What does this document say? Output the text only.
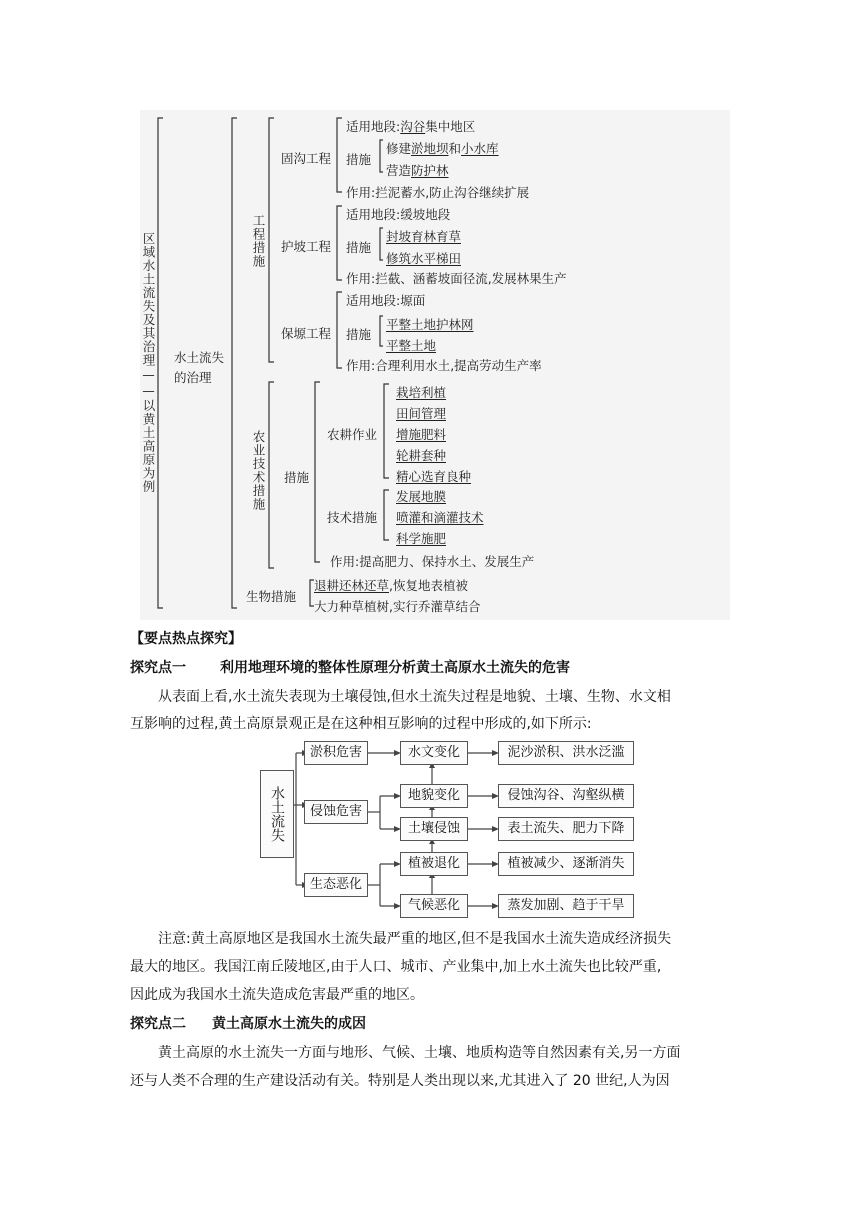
区域水土流失及其治理——以黄土高原为例 水土流失的治理
工程措施
固沟工程
适用地段:沟谷集中地区
措施
修建淤地坝和小水库
营造防护林
作用:拦泥蓄水,防止沟谷继续扩展
护坡工程
适用地段:缓坡地段
措施
封坡育林育草
修筑水平梯田
作用:拦截、涵蓄坡面径流,发展林果生产
保塬工程
适用地段:塬面
措施
平整土地护林网
平整土地
作用:合理利用水土,提高劳动生产率
农业技术措施 措施
农耕作业
栽培利植
田间管理
增施肥料
轮耕套种
精心选育良种
技术措施
发展地膜
喷灌和滴灌技术
科学施肥
作用:提高肥力、保持水土、发展生产
生物措施
退耕还林还草,恢复地表植被
大力种草植树,实行乔灌草结合
【要点热点探究】
探究点一 利用地理环境的整体性原理分析黄土高原水土流失的危害
从表面上看,水土流失表现为土壤侵蚀,但水土流失过程是地貌、土壤、生物、水文相
互影响的过程,黄土高原景观正是在这种相互影响的过程中形成的,如下所示:
水土流失
淤积危害
侵蚀危害
生态恶化
水文变化
地貌变化
土壤侵蚀
植被退化
气候恶化
泥沙淤积、洪水泛滥
侵蚀沟谷、沟壑纵横
表土流失、肥力下降
植被减少、逐渐消失
蒸发加剧、趋于干旱
注意:黄土高原地区是我国水土流失最严重的地区,但不是我国水土流失造成经济损失
最大的地区。我国江南丘陵地区,由于人口、城市、产业集中,加上水土流失也比较严重,
因此成为我国水土流失造成危害最严重的地区。
探究点二 黄土高原水土流失的成因
黄土高原的水土流失一方面与地形、气候、土壤、地质构造等自然因素有关,另一方面
还与人类不合理的生产建设活动有关。特别是人类出现以来,尤其进入了 20 世纪,人为因
